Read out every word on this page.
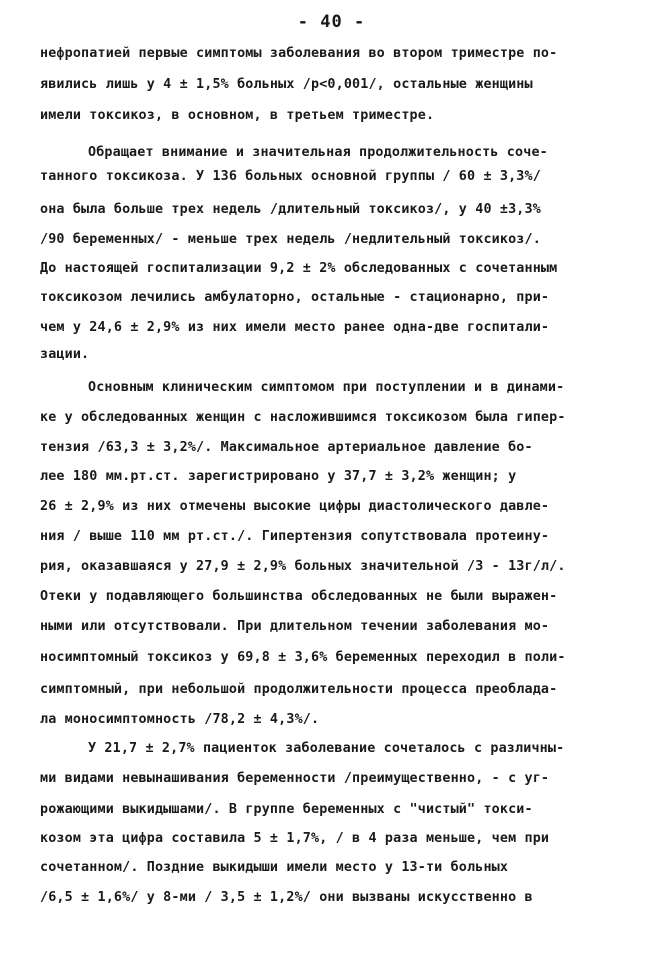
- 40 -
нефропатией первые симптомы заболевания во втором триместре по-
явились лишь у 4 ± 1,5% больных /р<0,001/, остальные женщины
имели токсикоз, в основном, в третьем триместре.
Обращает внимание и значительная продолжительность соче-
танного токсикоза. У 136 больных основной группы / 60 ± 3,3%/
она была больше трех недель /длительный токсикоз/, у 40 ±3,3%
/90 беременных/ - меньше трех недель /недлительный токсикоз/.
До настоящей госпитализации 9,2 ± 2% обследованных с сочетанным
токсикозом лечились амбулаторно, остальные - стационарно, при-
чем у 24,6 ± 2,9% из них имели место ранее одна-две госпитали-
зации.
Основным клиническим симптомом при поступлении и в динами-
ке у обследованных женщин с насложившимся токсикозом была гипер-
тензия /63,3 ± 3,2%/. Максимальное артериальное давление бо-
лее 180 мм.рт.ст. зарегистрировано у 37,7 ± 3,2% женщин; у
26 ± 2,9% из них отмечены высокие цифры диастолического давле-
ния / выше 110 мм рт.ст./. Гипертензия сопутствовала протеину-
рия, оказавшаяся у 27,9 ± 2,9% больных значительной /3 - 13г/л/.
Отеки у подавляющего большинства обследованных не были выражен-
ными или отсутствовали. При длительном течении заболевания мо-
носимптомный токсикоз у 69,8 ± 3,6% беременных переходил в поли-
симптомный, при небольшой продолжительности процесса преоблада-
ла моносимптомность /78,2 ± 4,3%/.
У 21,7 ± 2,7% пациенток заболевание сочеталось с различны-
ми видами невынашивания беременности /преимущественно, - с уг-
рожающими выкидышами/. В группе беременных с "чистый" токси-
козом эта цифра составила 5 ± 1,7%, / в 4 раза меньше, чем при
сочетанном/. Поздние выкидыши имели место у 13-ти больных
/6,5 ± 1,6%/ у 8-ми / 3,5 ± 1,2%/ они вызваны искусственно в
